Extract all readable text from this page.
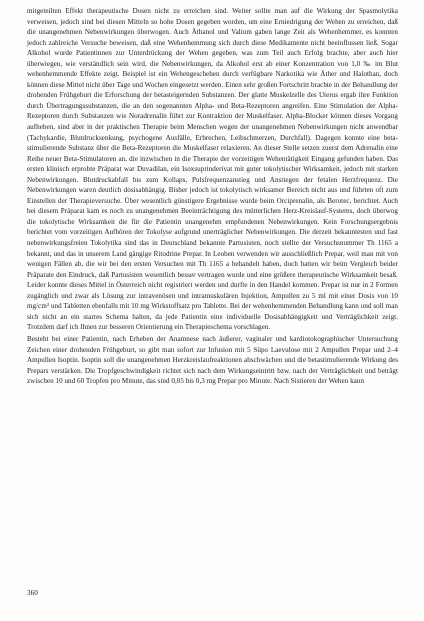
mitgeteilten Effekt therapeutische Dosen nicht zu erreichen sind. Weiter sollte man auf die Wirkung der Spasmolytika verweisen, jedoch sind bei diesen Mitteln so hohe Dosen gegeben worden, um eine Erniedrigung der Wehen zu erreichen, daß die unangenehmen Nebenwirkungen überwogen. Auch Äthanol und Valium gaben lange Zeit als Wehenhemmer, es konnten jedoch zahlreiche Versuche beweisen, daß eine Wehenhemmung sich durch diese Medikamente nicht beeinflussen ließ. Sogar Alkohol wurde Patientinnen zur Unterdrückung der Wehen gegeben, was zum Teil auch Erfolg brachte, aber auch hier überwiegen, wie verständlich sein wird, die Nebenwirkungen, da Alkohol erst ab einer Konzentration von 1,0 ‰ im Blut wehenhemmende Effekte zeigt. Beispiel ist ein Wehengeschehen durch verfügbare Narkotika wie Äther und Halothan, doch können diese Mittel nicht über Tage und Wochen eingesetzt werden. Einen sehr großen Fortschritt brachte in der Behandlung der drohenden Frühgeburt die Erforschung der betasteigernden Substanzen. Der glatte Muskelzelle des Uterus ergab ihre Funktion durch Übertragungssubstanzen, die an den sogenannten Alpha- und Beta-Rezeptoren angreifen. Eine Stimulation der Alpha-Rezeptoren durch Substanzen wie Noradrenalin führt zur Kontraktion der Muskelfaser. Alpha-Blocker können dieses Vorgang aufheben, sind aber in der praktischen Therapie beim Menschen wegen der unangenehmen Nebenwirkungen nicht anwendbar (Tachykardie, Blutdrucksenkung, psychogene Ausfälle, Erbrechen, Leibschmerzen, Durchfall). Dagegen konnte eine beta-stimulierende Substanz über die Beta-Rezeptoren die Muskelfaser relaxieren. An dieser Stelle setzen zuerst dem Adrenalin eine Reihe neuer Beta-Stimulatoren an, die inzwischen in die Therapie der vorzeitigen Wehentätigkeit Eingang gefunden haben. Das ersten klinisch erprobte Präparat war Duvadilan, ein Isoxsuprinderivat mit guter tokolytischer Wirksamkeit, jedoch mit starken Nebenwirkungen. Blutdruckabfall bis zum Kollaps, Pulsfrequenzanstieg und Anstiegen der fetalen Herzfrequenz. Die Nebenwirkungen waren deutlich dosisabhängig. Bisher jedoch ist tokolytisch wirksamer Bereich nicht aus und führten oft zum Einstellen der Therapieversuche. Über wesentlich günstigere Ergebnisse wurde beim Orciprenalin, als Berotec, berichtet. Auch bei diesem Präparat kam es noch zu unangenehmen Beeinträchtigung des mütterlichen Herz-Kreislauf-Systems, doch überwog die tokolytische Wirksamkeit die für die Patientin unangenehm empfundenen Nebenwirkungen. Kein Forschungsergebnis berichtet vom vorzeitigen Aufhören der Tokolyse aufgrund unerträglicher Nebenwirkungen. Die derzeit bekanntesten und fast nebenwirkungsfreien Tokolytika sind das in Deutschland bekannte Partusisten, noch stellte der Versuchsnummer Th 1165 a bekannt, und das in unserem Land gängige Ritodrine Prepar. In Leoben verwenden wir ausschließlich Prepar, weil man mit von wenigen Fällen ab, die wir bei den ersten Versuchen mit Th 1165 a behandelt haben, doch hatten wir beim Vergleich beider Präparate den Eindruck, daß Partusisten wesentlich besser vertragen wurde und eine größere therapeutische Wirksamkeit besaß. Leider konnte dieses Mittel in Österreich nicht registriert werden und durfte in den Handel kommen. Prepar ist nur in 2 Formen zugänglich und zwar als Lösung zur intravenösen und intramuskulären Injektion, Ampullen zu 5 ml mit einer Dosis von 10 mg/cm³ und Tabletten ebenfalls mit 10 mg Wirkstoffsatz pro Tablette. Bei der wehenhemmenden Behandlung kann und soll man sich nicht an ein starres Schema halten, da jede Patientin eine individuelle Dosisabhängigkeit und Verträglichkeit zeigt. Trotzdem darf ich Ihnen zur besseren Orientierung ein Therapieschema vorschlagen.

Besteht bei einer Patientin, nach Erheben der Anamnese nach äußerer, vaginaler und kardiotokographischer Untersuchung Zeichen einer drohenden Frühgeburt, so gibt man sofort zur Infusion mit 5 Süpo Laevulose mit 2 Ampullen Prepar und 2–4 Ampullen Isoptin. Isoptin soll die unangenehmen Herzkreislaufreaktionen abschwächen und die betastimulierende Wirkung des Prepars verstärken. Die Tropfgeschwindigkeit richtet sich nach dem Wirkungseintritt bzw. nach der Verträglichkeit und beträgt zwischen 10 und 60 Tropfen pro Minute, das sind 0,05 bis 0,3 mg Prepar pro Minute. Nach Sistieren der Wehen kann

360
